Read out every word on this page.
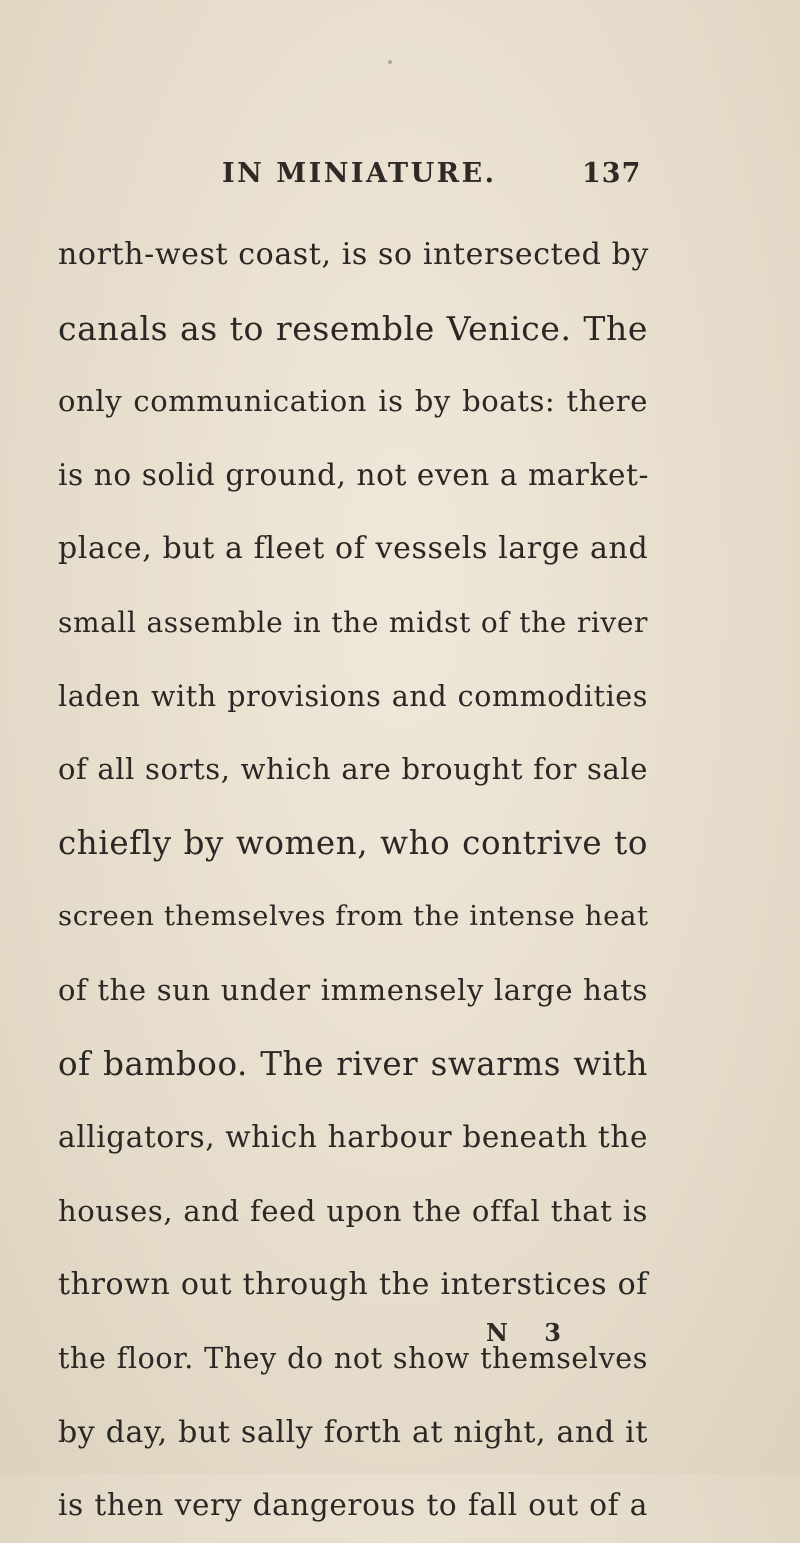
IN MINIATURE.	137
north-west coast, is so intersected by
canals as to resemble Venice. The
only communication is by boats: there
is no solid ground, not even a market-
place, but a fleet of vessels large and
small assemble in the midst of the river
laden with provisions and commodities
of all sorts, which are brought for sale
chiefly by women, who contrive to
screen themselves from the intense heat
of the sun under immensely large hats
of bamboo. The river swarms with
alligators, which harbour beneath the
houses, and feed upon the offal that is
thrown out through the interstices of
the floor. They do not show themselves
by day, but sally forth at night, and it
is then very dangerous to fall out of a
N 3
